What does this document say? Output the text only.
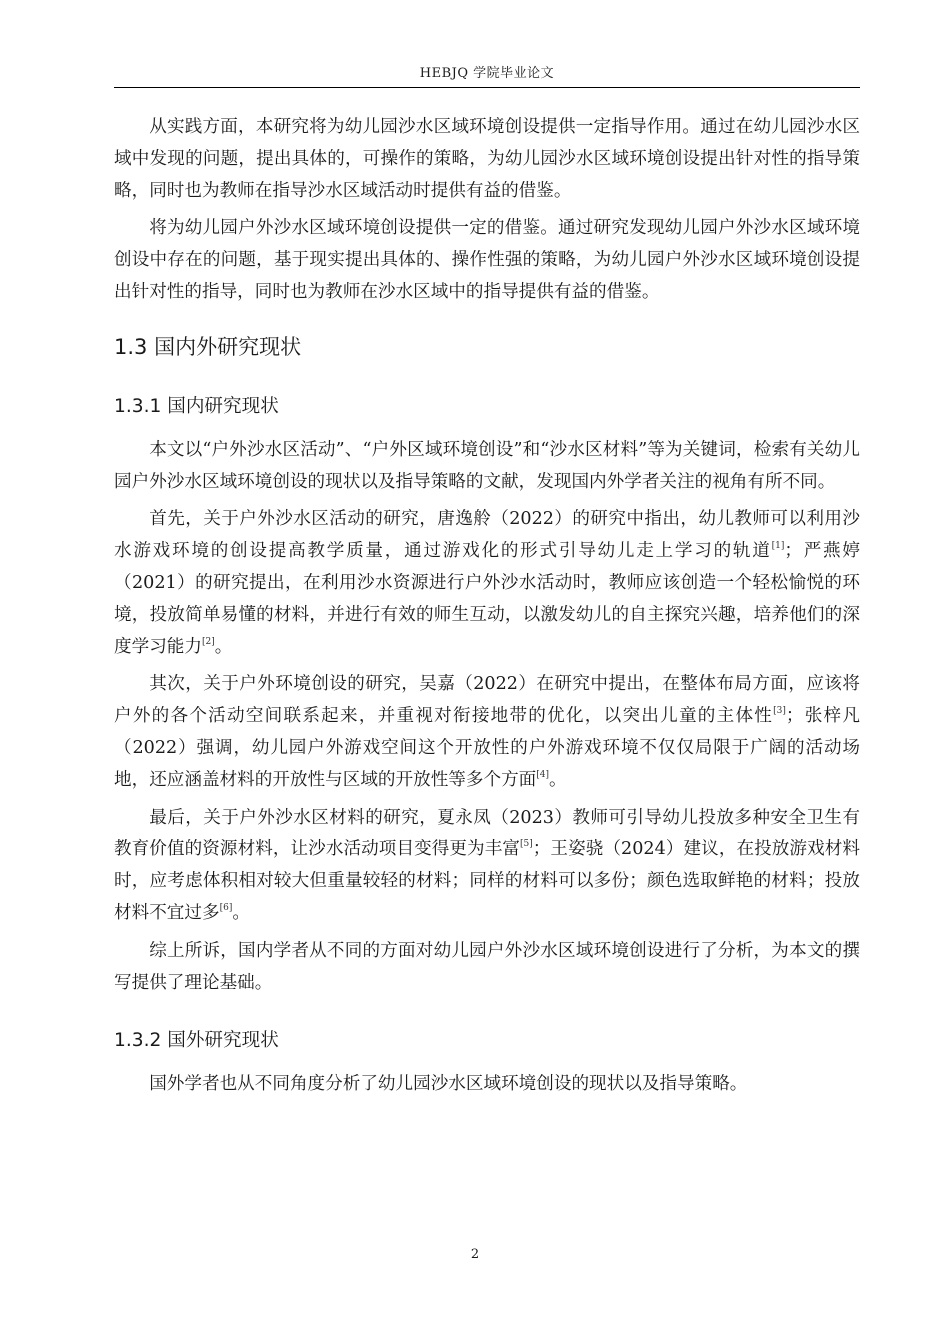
HEBJQ 学院毕业论文

从实践方面，本研究将为幼儿园沙水区域环境创设提供一定指导作用。通过在幼儿园沙水区域中发现的问题，提出具体的，可操作的策略，为幼儿园沙水区域环境创设提出针对性的指导策略，同时也为教师在指导沙水区域活动时提供有益的借鉴。

将为幼儿园户外沙水区域环境创设提供一定的借鉴。通过研究发现幼儿园户外沙水区域环境创设中存在的问题，基于现实提出具体的、操作性强的策略，为幼儿园户外沙水区域环境创设提出针对性的指导，同时也为教师在沙水区域中的指导提供有益的借鉴。

1.3 国内外研究现状
1.3.1 国内研究现状

本文以“户外沙水区活动”、“户外区域环境创设”和“沙水区材料”等为关键词，检索有关幼儿园户外沙水区域环境创设的现状以及指导策略的文献，发现国内外学者关注的视角有所不同。

首先，关于户外沙水区活动的研究，唐逸舲（2022）的研究中指出，幼儿教师可以利用沙水游戏环境的创设提高教学质量，通过游戏化的形式引导幼儿走上学习的轨道[1]；严燕婷（2021）的研究提出，在利用沙水资源进行户外沙水活动时，教师应该创造一个轻松愉悦的环境，投放简单易懂的材料，并进行有效的师生互动，以激发幼儿的自主探究兴趣，培养他们的深度学习能力[2]。

其次，关于户外环境创设的研究，吴嘉（2022）在研究中提出，在整体布局方面，应该将户外的各个活动空间联系起来，并重视对衔接地带的优化，以突出儿童的主体性[3]；张梓凡（2022）强调，幼儿园户外游戏空间这个开放性的户外游戏环境不仅仅局限于广阔的活动场地，还应涵盖材料的开放性与区域的开放性等多个方面[4]。

最后，关于户外沙水区材料的研究，夏永凤（2023）教师可引导幼儿投放多种安全卫生有教育价值的资源材料，让沙水活动项目变得更为丰富[5]；王姿骁（2024）建议，在投放游戏材料时，应考虑体积相对较大但重量较轻的材料；同样的材料可以多份；颜色选取鲜艳的材料；投放材料不宜过多[6]。

综上所诉，国内学者从不同的方面对幼儿园户外沙水区域环境创设进行了分析，为本文的撰写提供了理论基础。

1.3.2 国外研究现状

国外学者也从不同角度分析了幼儿园沙水区域环境创设的现状以及指导策略。

2
